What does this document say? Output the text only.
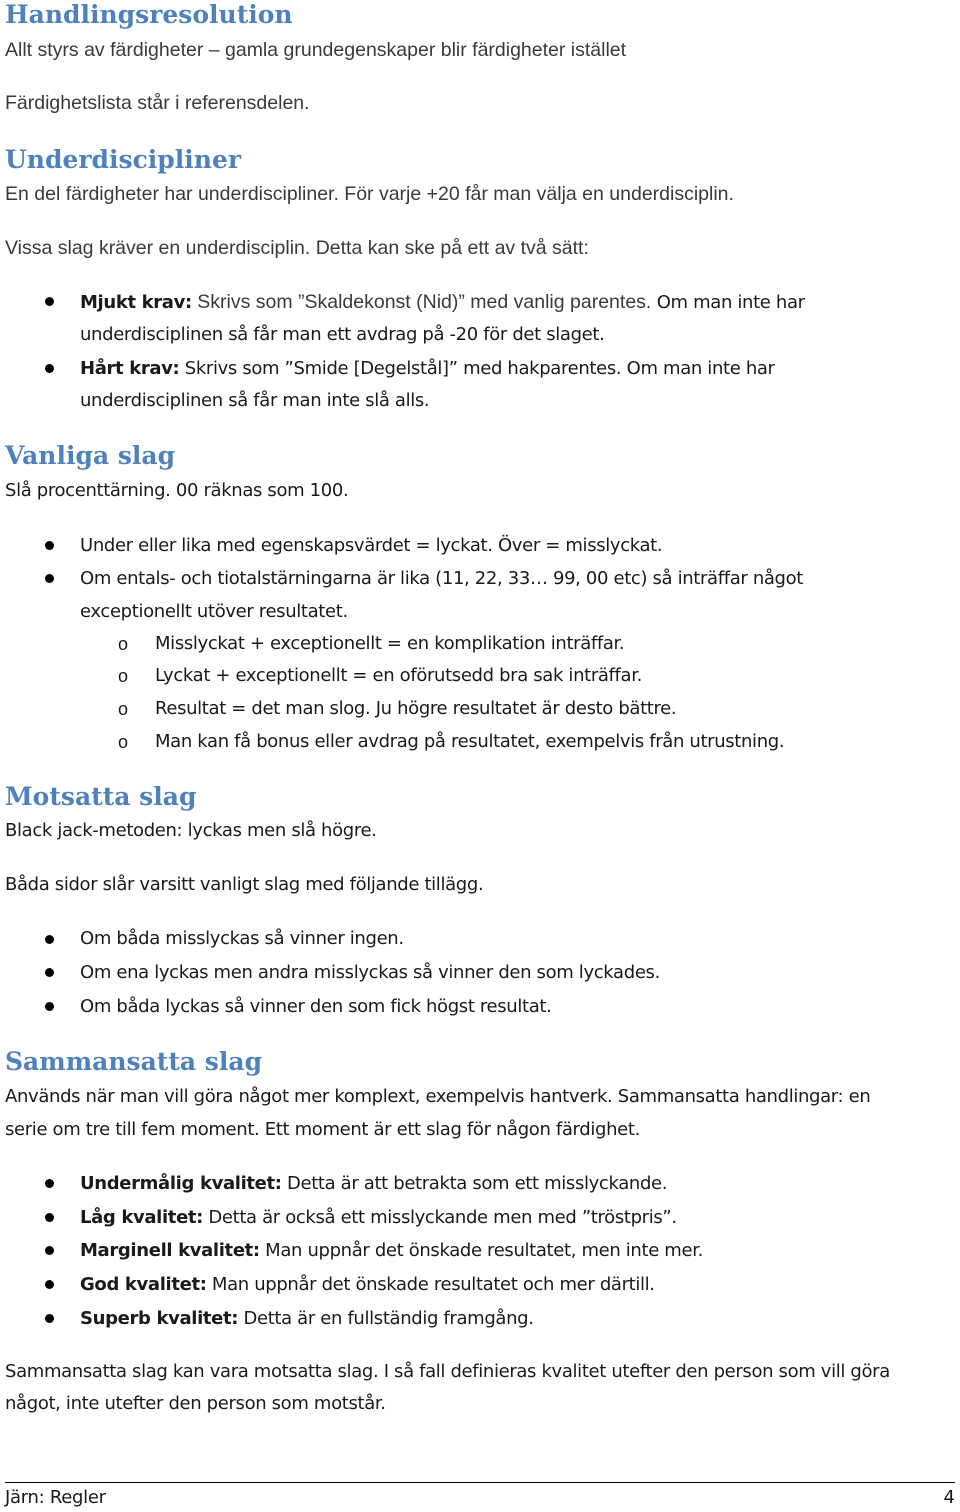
Handlingsresolution

Allt styrs av färdigheter – gamla grundegenskaper blir färdigheter istället

Färdighetslista står i referensdelen.

Underdiscipliner

En del färdigheter har underdiscipliner. För varje +20 får man välja en underdisciplin.

Vissa slag kräver en underdisciplin. Detta kan ske på ett av två sätt:

Mjukt krav: Skrivs som ”Skaldekonst (Nid)” med vanlig parentes. Om man inte har

underdisciplinen så får man ett avdrag på -20 för det slaget.

Hårt krav: Skrivs som ”Smide [Degelstål]” med hakparentes. Om man inte har

underdisciplinen så får man inte slå alls.

Vanliga slag

Slå procenttärning. 00 räknas som 100.

Under eller lika med egenskapsvärdet = lyckat. Över = misslyckat.

Om entals- och tiotalstärningarna är lika (11, 22, 33… 99, 00 etc) så inträffar något

exceptionellt utöver resultatet.

o Misslyckat + exceptionellt = en komplikation inträffar.

o Lyckat + exceptionellt = en oförutsedd bra sak inträffar.

o Resultat = det man slog. Ju högre resultatet är desto bättre.

o Man kan få bonus eller avdrag på resultatet, exempelvis från utrustning.

Motsatta slag

Black jack-metoden: lyckas men slå högre.

Båda sidor slår varsitt vanligt slag med följande tillägg.

Om båda misslyckas så vinner ingen.

Om ena lyckas men andra misslyckas så vinner den som lyckades.

Om båda lyckas så vinner den som fick högst resultat.

Sammansatta slag

Används när man vill göra något mer komplext, exempelvis hantverk. Sammansatta handlingar: en

serie om tre till fem moment. Ett moment är ett slag för någon färdighet.

Undermålig kvalitet: Detta är att betrakta som ett misslyckande.

Låg kvalitet: Detta är också ett misslyckande men med ”tröstpris”.

Marginell kvalitet: Man uppnår det önskade resultatet, men inte mer.

God kvalitet: Man uppnår det önskade resultatet och mer därtill.

Superb kvalitet: Detta är en fullständig framgång.

Sammansatta slag kan vara motsatta slag. I så fall definieras kvalitet utefter den person som vill göra

något, inte utefter den person som motstår.

Järn: Regler	4
